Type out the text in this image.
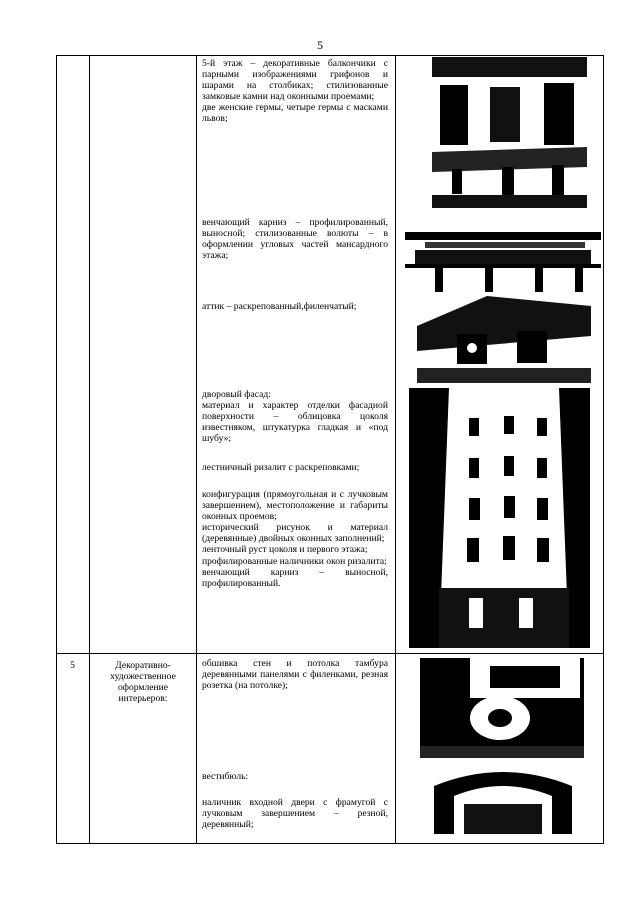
5

5-й этаж – декоративные балкончики с парными изображениями грифонов и шарами на столбиках; стилизованные замковые камни над оконными проемами;

две женские гермы, четыре гермы с масками львов;

венчающий карниз – профилированный, выносной; стилизованные волюты – в оформлении угловых частей мансардного этажа;

аттик – раскрепованный,филенчатый;

дворовый фасад:

материал и характер отделки фасадной поверхности – облицовка цоколя известняком, штукатурка гладкая и «под шубу»;

лестничный ризалит с раскреповками;

конфигурация (прямоугольная и с лучковым завершением), местоположение и габариты оконных проемов;

исторический рисунок и материал (деревянные) двойных оконных заполнений;

ленточный руст цоколя и первого этажа;

профилированные наличники окон ризалита;

венчающий карниз – выносной, профилированный.

5	Декоративно-художественное оформление интерьеров:

обшивка стен и потолка тамбура деревянными панелями с филенками, резная розетка (на потолке);

вестибюль:

наличник входной двери с фрамугой с лучковым завершением – резной, деревянный;
